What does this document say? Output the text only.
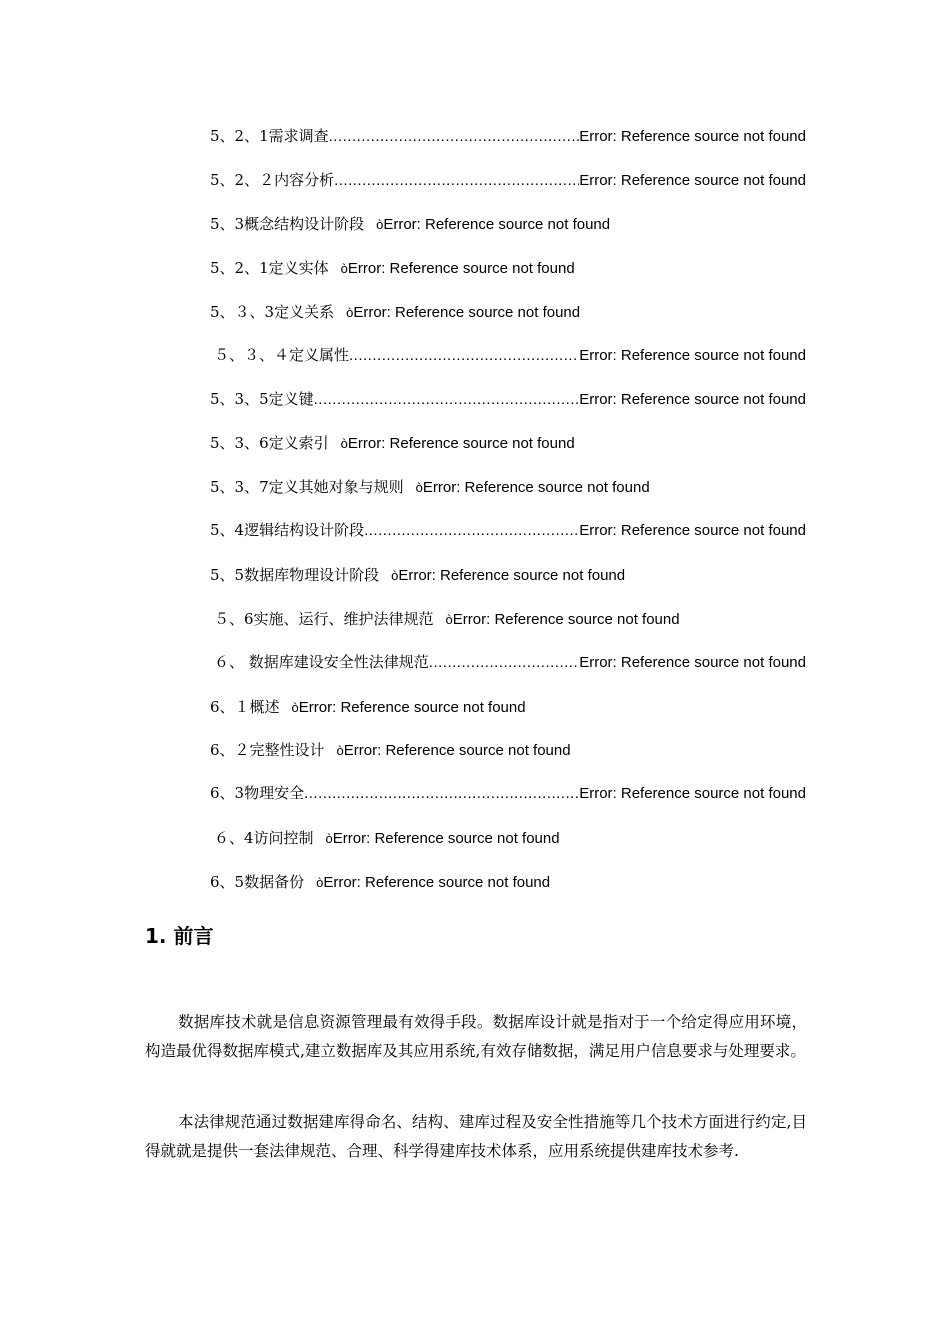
5、2、1需求调查 .....	Error: Reference source not found
5、2、２内容分析 .....	Error: Reference source not found
5、3概念结构设计阶段 ò Error: Reference source not found
5、2、1定义实体 ò Error: Reference source not found
5、３、3定义关系 ò Error: Reference source not found
５、３、４定义属性 .....	Error: Reference source not found
5、3、5定义键 .....	Error: Reference source not found
5、3、6定义索引 ò Error: Reference source not found
5、3、7定义其她对象与规则 ò Error: Reference source not found
5、4逻辑结构设计阶段 .....	Error: Reference source not found
5、5数据库物理设计阶段 ò Error: Reference source not found
５、6实施、运行、维护法律规范 ò Error: Reference source not found
６、 数据库建设安全性法律规范 .....	Error: Reference source not found
6、１概述 ò Error: Reference source not found
6、２完整性设计 ò Error: Reference source not found
6、3物理安全 .....	Error: Reference source not found
６、4访问控制 ò Error: Reference source not found
6、5数据备份 ò Error: Reference source not found
1. 前言

数据库技术就是信息资源管理最有效得手段。数据库设计就是指对于一个给定得应用环境，构造最优得数据库模式,建立数据库及其应用系统,有效存储数据，满足用户信息要求与处理要求。

本法律规范通过数据建库得命名、结构、建库过程及安全性措施等几个技术方面进行约定,目得就就是提供一套法律规范、合理、科学得建库技术体系，应用系统提供建库技术参考.
